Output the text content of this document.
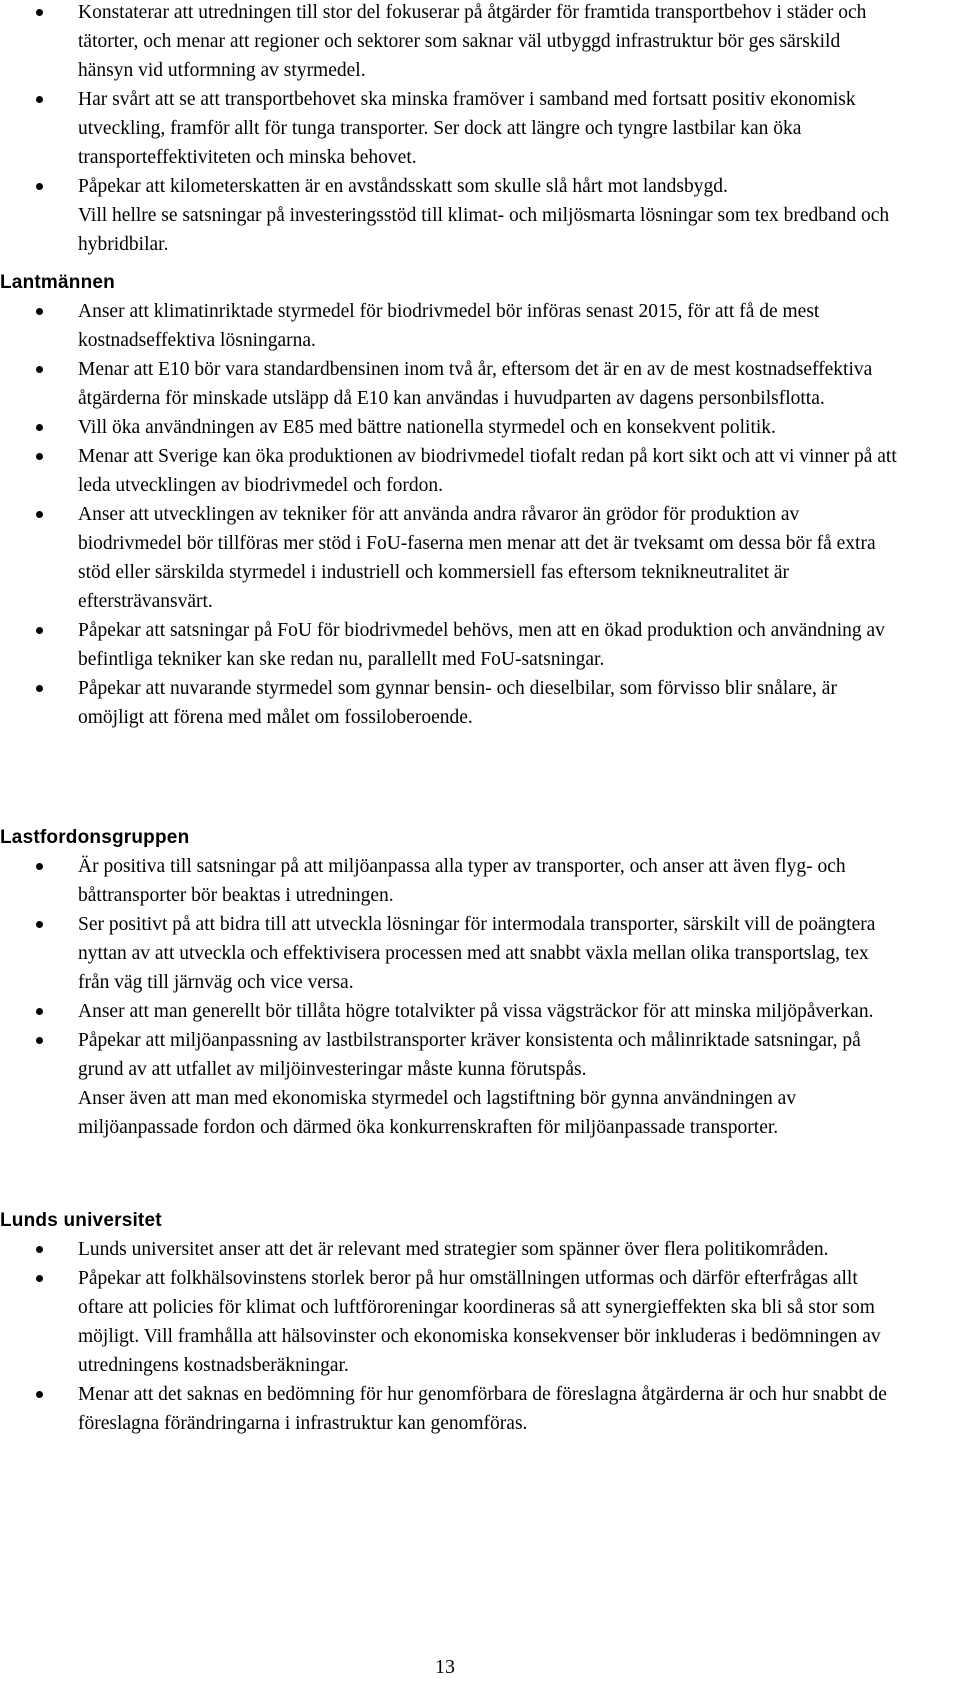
Konstaterar att utredningen till stor del fokuserar på åtgärder för framtida transportbehov i städer och tätorter, och menar att regioner och sektorer som saknar väl utbyggd infrastruktur bör ges särskild hänsyn vid utformning av styrmedel.
Har svårt att se att transportbehovet ska minska framöver i samband med fortsatt positiv ekonomisk utveckling, framför allt för tunga transporter. Ser dock att längre och tyngre lastbilar kan öka transporteffektiviteten och minska behovet.
Påpekar att kilometerskatten är en avståndsskatt som skulle slå hårt mot landsbygd.
Vill hellre se satsningar på investeringsstöd till klimat- och miljösmarta lösningar som tex bredband och hybridbilar.
Lantmännen
Anser att klimatinriktade styrmedel för biodrivmedel bör införas senast 2015, för att få de mest kostnadseffektiva lösningarna.
Menar att E10 bör vara standardbensinen inom två år, eftersom det är en av de mest kostnadseffektiva åtgärderna för minskade utsläpp då E10 kan användas i huvudparten av dagens personbilsflotta.
Vill öka användningen av E85 med bättre nationella styrmedel och en konsekvent politik.
Menar att Sverige kan öka produktionen av biodrivmedel tiofalt redan på kort sikt och att vi vinner på att leda utvecklingen av biodrivmedel och fordon.
Anser att utvecklingen av tekniker för att använda andra råvaror än grödor för produktion av biodrivmedel bör tillföras mer stöd i FoU-faserna men menar att det är tveksamt om dessa bör få extra stöd eller särskilda styrmedel i industriell och kommersiell fas eftersom teknikneutralitet är eftersträvansvärt.
Påpekar att satsningar på FoU för biodrivmedel behövs, men att en ökad produktion och användning av befintliga tekniker kan ske redan nu, parallellt med FoU-satsningar.
Påpekar att nuvarande styrmedel som gynnar bensin- och dieselbilar, som förvisso blir snålare, är omöjligt att förena med målet om fossiloberoende.
Lastfordonsgruppen
Är positiva till satsningar på att miljöanpassa alla typer av transporter, och anser att även flyg- och båttransporter bör beaktas i utredningen.
Ser positivt på att bidra till att utveckla lösningar för intermodala transporter, särskilt vill de poängtera nyttan av att utveckla och effektivisera processen med att snabbt växla mellan olika transportslag, tex från väg till järnväg och vice versa.
Anser att man generellt bör tillåta högre totalvikter på vissa vägsträckor för att minska miljöpåverkan.
Påpekar att miljöanpassning av lastbilstransporter kräver konsistenta och målinriktade satsningar, på grund av att utfallet av miljöinvesteringar måste kunna förutspås.
Anser även att man med ekonomiska styrmedel och lagstiftning bör gynna användningen av miljöanpassade fordon och därmed öka konkurrenskraften för miljöanpassade transporter.
Lunds universitet
Lunds universitet anser att det är relevant med strategier som spänner över flera politikområden.
Påpekar att folkhälsovinstens storlek beror på hur omställningen utformas och därför efterfrågas allt oftare att policies för klimat och luftföroreningar koordineras så att synergieffekten ska bli så stor som möjligt. Vill framhålla att hälsovinster och ekonomiska konsekvenser bör inkluderas i bedömningen av utredningens kostnadsberäkningar.
Menar att det saknas en bedömning för hur genomförbara de föreslagna åtgärderna är och hur snabbt de föreslagna förändringarna i infrastruktur kan genomföras.
13
